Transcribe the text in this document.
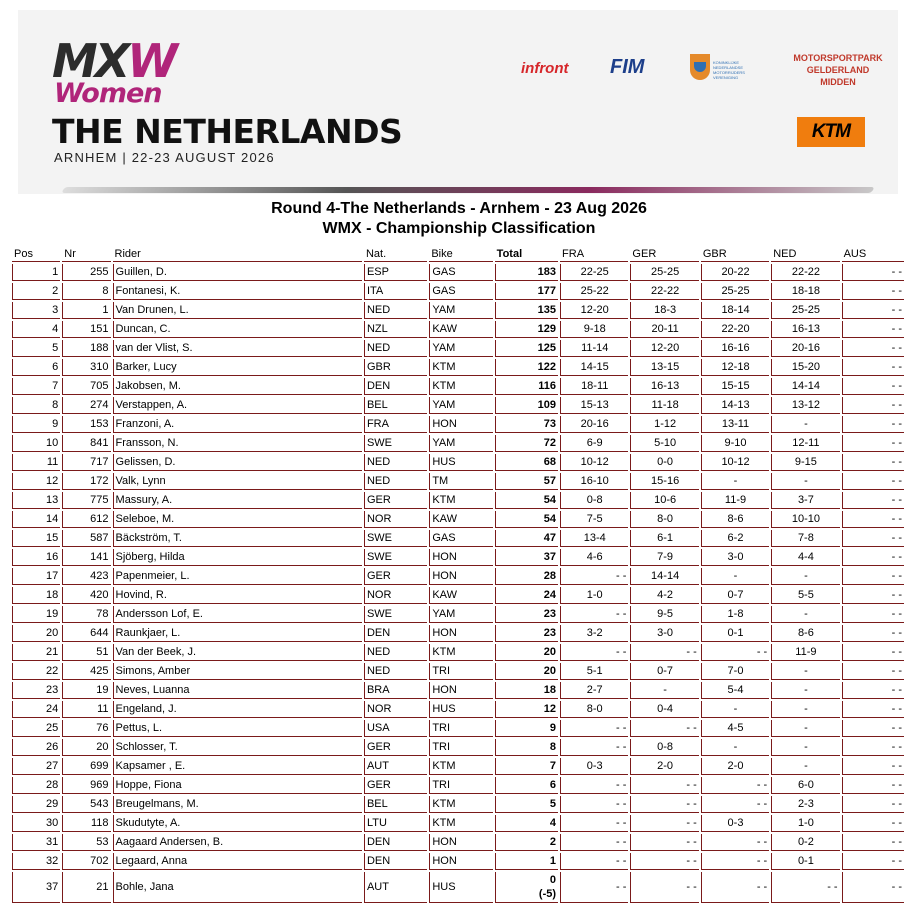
MXW
Women
THE NETHERLANDS
ARNHEM | 22-23 AUGUST 2026
infront FIM	KONINKLIJKE NEDERLANDSE MOTORRIJDERS VERENIGING
MOTORSPORTPARK
GELDERLAND
MIDDEN
KTM
Round 4-The Netherlands - Arnhem - 23 Aug 2026
WMX - Championship Classification
Pos	Nr	Rider	Nat.	Bike	Total	FRA	GER	GBR	NED	AUS
1	255	Guillen, D.	ESP	GAS	183	22-25	25-25	20-22	22-22	- -
2	8	Fontanesi, K.	ITA	GAS	177	25-22	22-22	25-25	18-18	- -
3	1	Van Drunen, L.	NED	YAM	135	12-20	18-3	18-14	25-25	- -
4	151	Duncan, C.	NZL	KAW	129	9-18	20-11	22-20	16-13	- -
5	188	van der Vlist, S.	NED	YAM	125	11-14	12-20	16-16	20-16	- -
6	310	Barker, Lucy	GBR	KTM	122	14-15	13-15	12-18	15-20	- -
7	705	Jakobsen, M.	DEN	KTM	116	18-11	16-13	15-15	14-14	- -
8	274	Verstappen, A.	BEL	YAM	109	15-13	11-18	14-13	13-12	- -
9	153	Franzoni, A.	FRA	HON	73	20-16	1-12	13-11	-	- -
10	841	Fransson, N.	SWE	YAM	72	6-9	5-10	9-10	12-11	- -
11	717	Gelissen, D.	NED	HUS	68	10-12	0-0	10-12	9-15	- -
12	172	Valk, Lynn	NED	TM	57	16-10	15-16	-	-	- -
13	775	Massury, A.	GER	KTM	54	0-8	10-6	11-9	3-7	- -
14	612	Seleboe, M.	NOR	KAW	54	7-5	8-0	8-6	10-10	- -
15	587	Bäckström, T.	SWE	GAS	47	13-4	6-1	6-2	7-8	- -
16	141	Sjöberg, Hilda	SWE	HON	37	4-6	7-9	3-0	4-4	- -
17	423	Papenmeier, L.	GER	HON	28	- -	14-14	-	-	- -
18	420	Hovind, R.	NOR	KAW	24	1-0	4-2	0-7	5-5	- -
19	78	Andersson Lof, E.	SWE	YAM	23	- -	9-5	1-8	-	- -
20	644	Raunkjaer, L.	DEN	HON	23	3-2	3-0	0-1	8-6	- -
21	51	Van der Beek, J.	NED	KTM	20	- -	- -	- -	11-9	- -
22	425	Simons, Amber	NED	TRI	20	5-1	0-7	7-0	-	- -
23	19	Neves, Luanna	BRA	HON	18	2-7	-	5-4	-	- -
24	11	Engeland, J.	NOR	HUS	12	8-0	0-4	-	-	- -
25	76	Pettus, L.	USA	TRI	9	- -	- -	4-5	-	- -
26	20	Schlosser, T.	GER	TRI	8	- -	0-8	-	-	- -
27	699	Kapsamer , E.	AUT	KTM	7	0-3	2-0	2-0	-	- -
28	969	Hoppe, Fiona	GER	TRI	6	- -	- -	- -	6-0	- -
29	543	Breugelmans, M.	BEL	KTM	5	- -	- -	- -	2-3	- -
30	118	Skudutyte, A.	LTU	KTM	4	- -	- -	0-3	1-0	- -
31	53	Aagaard Andersen, B.	DEN	HON	2	- -	- -	- -	0-2	- -
32	702	Legaard, Anna	DEN	HON	1	- -	- -	- -	0-1	- -
37	21	Bohle, Jana	AUT	HUS	0
(-5)	- -	- -	- -	- -	- -
